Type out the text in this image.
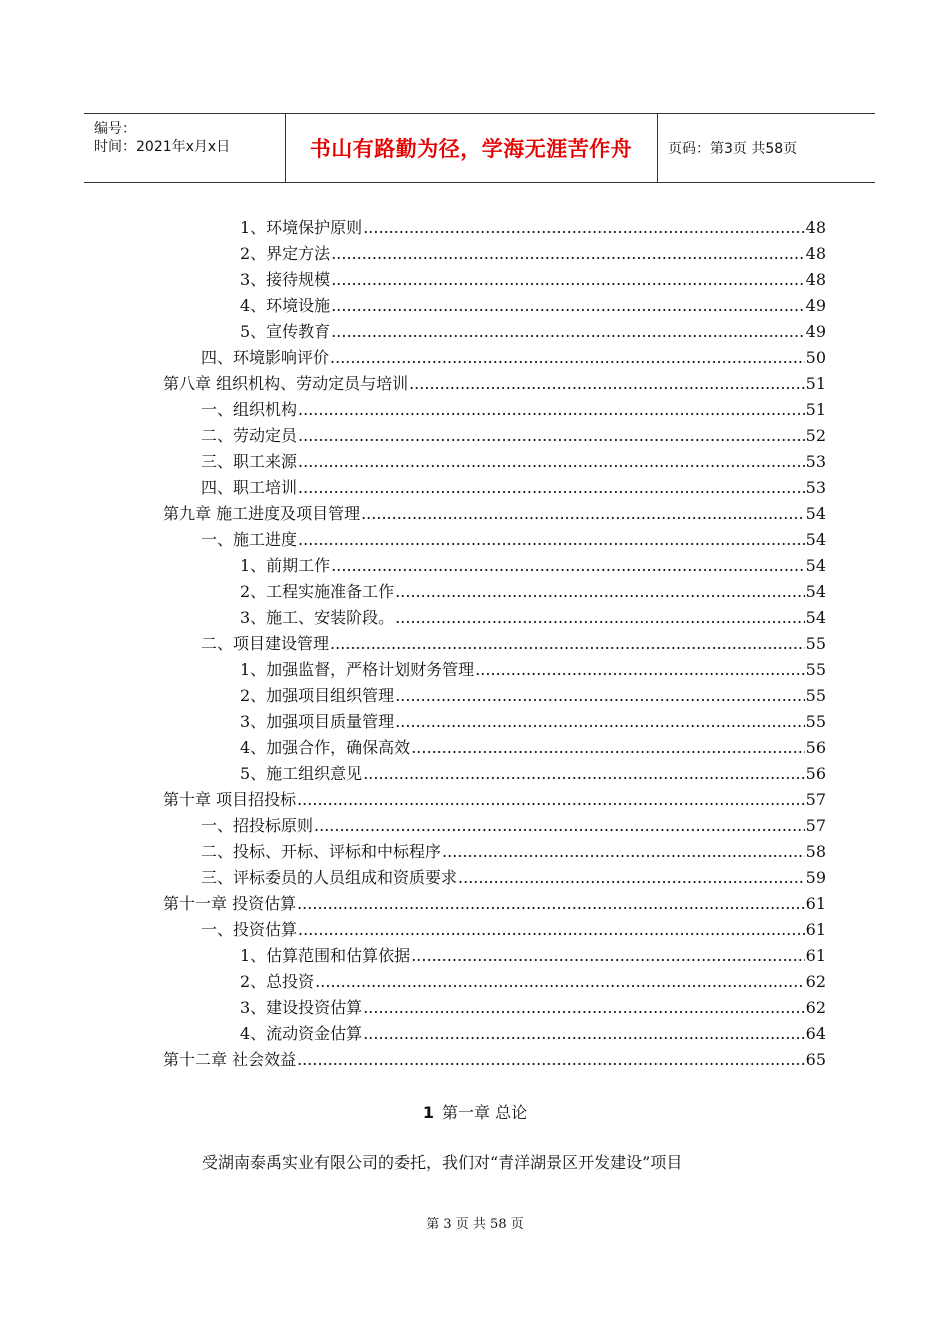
编号：
时间：2021年x月x日	书山有路勤为径，学海无涯苦作舟	页码：第3页 共58页
1、环境保护原则 .....	48
2、界定方法 .....	48
3、接待规模 .....	48
4、环境设施 .....	49
5、宣传教育 .....	49
四、环境影响评价 .....	50
第八章 组织机构、劳动定员与培训 .....	51
一、组织机构 .....	51
二、劳动定员 .....	52
三、职工来源 .....	53
四、职工培训 .....	53
第九章 施工进度及项目管理 .....	54
一、施工进度 .....	54
1、前期工作 .....	54
2、工程实施准备工作 .....	54
3、施工、安装阶段。 .....	54
二、项目建设管理 .....	55
1、加强监督，严格计划财务管理 .....	55
2、加强项目组织管理 .....	55
3、加强项目质量管理 .....	55
4、加强合作，确保高效 .....	56
5、施工组织意见 .....	56
第十章 项目招投标 .....	57
一、招投标原则 .....	57
二、投标、开标、评标和中标程序 .....	58
三、评标委员的人员组成和资质要求 .....	59
第十一章 投资估算 .....	61
一、投资估算 .....	61
1、估算范围和估算依据 .....	61
2、总投资 .....	62
3、建设投资估算 .....	62
4、流动资金估算 .....	64
第十二章 社会效益 .....	65
1 第一章 总论
受湖南泰禹实业有限公司的委托，我们对“青洋湖景区开发建设”项目
第 3 页 共 58 页
